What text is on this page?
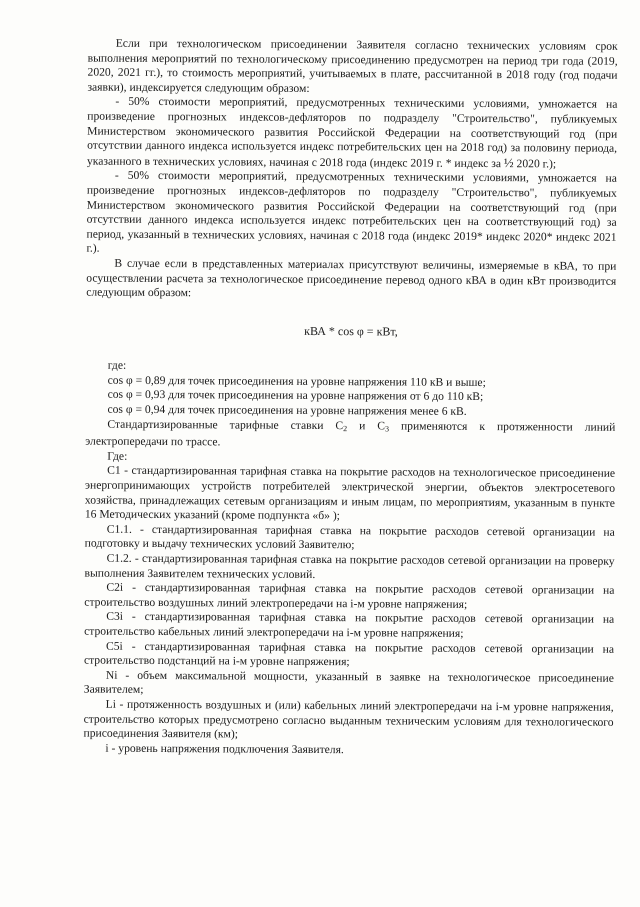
Если при технологическом присоединении Заявителя согласно технических условиям срок выполнения мероприятий по технологическому присоединению предусмотрен на период три года (2019, 2020, 2021 гг.), то стоимость мероприятий, учитываемых в плате, рассчитанной в 2018 году (год подачи заявки), индексируется следующим образом:

- 50% стоимости мероприятий, предусмотренных техническими условиями, умножается на произведение прогнозных индексов-дефляторов по подразделу "Строительство", публикуемых Министерством экономического развития Российской Федерации на соответствующий год (при отсутствии данного индекса используется индекс потребительских цен на 2018 год) за половину периода, указанного в технических условиях, начиная с 2018 года (индекс 2019 г. * индекс за ½ 2020 г.);

- 50% стоимости мероприятий, предусмотренных техническими условиями, умножается на произведение прогнозных индексов-дефляторов по подразделу "Строительство", публикуемых Министерством экономического развития Российской Федерации на соответствующий год (при отсутствии данного индекса используется индекс потребительских цен на соответствующий год) за период, указанный в технических условиях, начиная с 2018 года (индекс 2019* индекс 2020* индекс 2021 г.).

В случае если в представленных материалах присутствуют величины, измеряемые в кВА, то при осуществлении расчета за технологическое присоединение перевод одного кВА в один кВт производится следующим образом:

кВА * cos φ = кВт,

где:

cos φ = 0,89 для точек присоединения на уровне напряжения 110 кВ и выше;

cos φ = 0,93 для точек присоединения на уровне напряжения от 6 до 110 кВ;

cos φ = 0,94 для точек присоединения на уровне напряжения менее 6 кВ.

Стандартизированные тарифные ставки $С_2$ и $С_3$ применяются к протяженности линий электропередачи по трассе.

Где:

С1 - стандартизированная тарифная ставка на покрытие расходов на технологическое присоединение энергопринимающих устройств потребителей электрической энергии, объектов электросетевого хозяйства, принадлежащих сетевым организациям и иным лицам, по мероприятиям, указанным в пункте 16 Методических указаний (кроме подпункта «б» );

С1.1. - стандартизированная тарифная ставка на покрытие расходов сетевой организации на подготовку и выдачу технических условий Заявителю;

С1.2. - стандартизированная тарифная ставка на покрытие расходов сетевой организации на проверку выполнения Заявителем технических условий.

С2i - стандартизированная тарифная ставка на покрытие расходов сетевой организации на строительство воздушных линий электропередачи на i-м уровне напряжения;

С3i - стандартизированная тарифная ставка на покрытие расходов сетевой организации на строительство кабельных линий электропередачи на i-м уровне напряжения;

С5i - стандартизированная тарифная ставка на покрытие расходов сетевой организации на строительство подстанций на i-м уровне напряжения;

Ni - объем максимальной мощности, указанный в заявке на технологическое присоединение Заявителем;

Li - протяженность воздушных и (или) кабельных линий электропередачи на i-м уровне напряжения, строительство которых предусмотрено согласно выданным техническим условиям для технологического присоединения Заявителя (км);

i - уровень напряжения подключения Заявителя.
